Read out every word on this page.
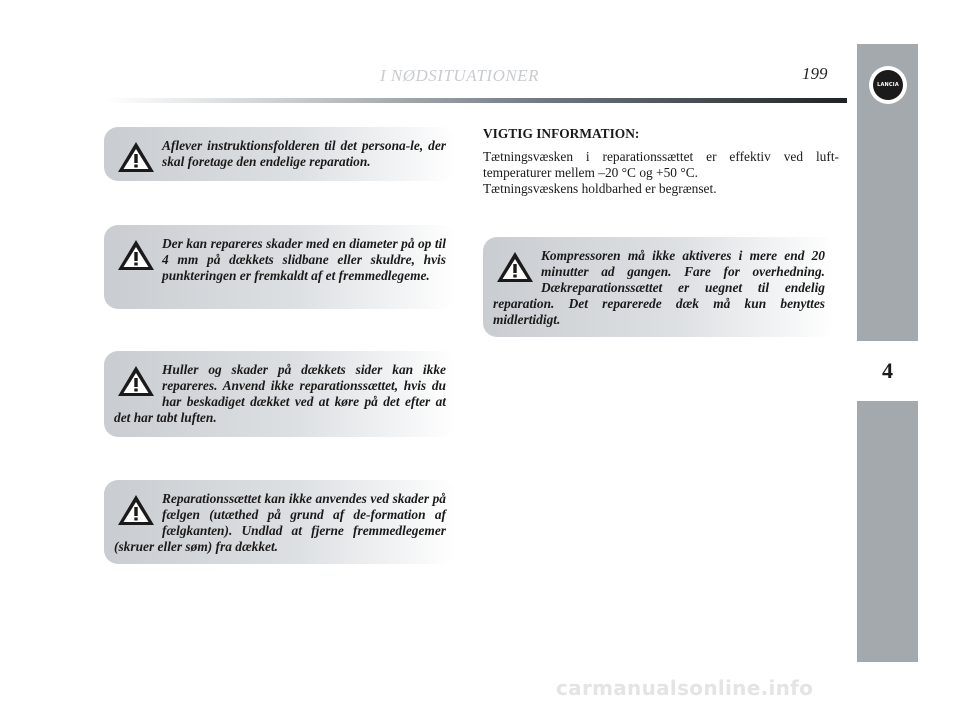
I NØDSITUATIONER	199
LANCIA
4
Aflever instruktionsfolderen til det persona-le, der skal foretage den endelige reparation.
Der kan repareres skader med en diameter på op til 4 mm på dækkets slidbane eller skuldre, hvis punkteringen er fremkaldt af et fremmedlegeme.
Huller og skader på dækkets sider kan ikke repareres. Anvend ikke reparationssættet, hvis du har beskadiget dækket ved at køre på det efter at det har tabt luften.
Reparationssættet kan ikke anvendes ved skader på fælgen (utæthed på grund af de-formation af fælgkanten). Undlad at fjerne fremmedlegemer (skruer eller søm) fra dækket.
VIGTIG INFORMATION:

Tætningsvæsken i reparationssættet er effektiv ved luft-temperaturer mellem –20 °C og +50 °C.

Tætningsvæskens holdbarhed er begrænset.

Kompressoren må ikke aktiveres i mere end 20 minutter ad gangen. Fare for overhedning. Dækreparationssættet er uegnet til endelig reparation. Det reparerede dæk må kun benyttes midlertidigt.
carmanualsonline.info
